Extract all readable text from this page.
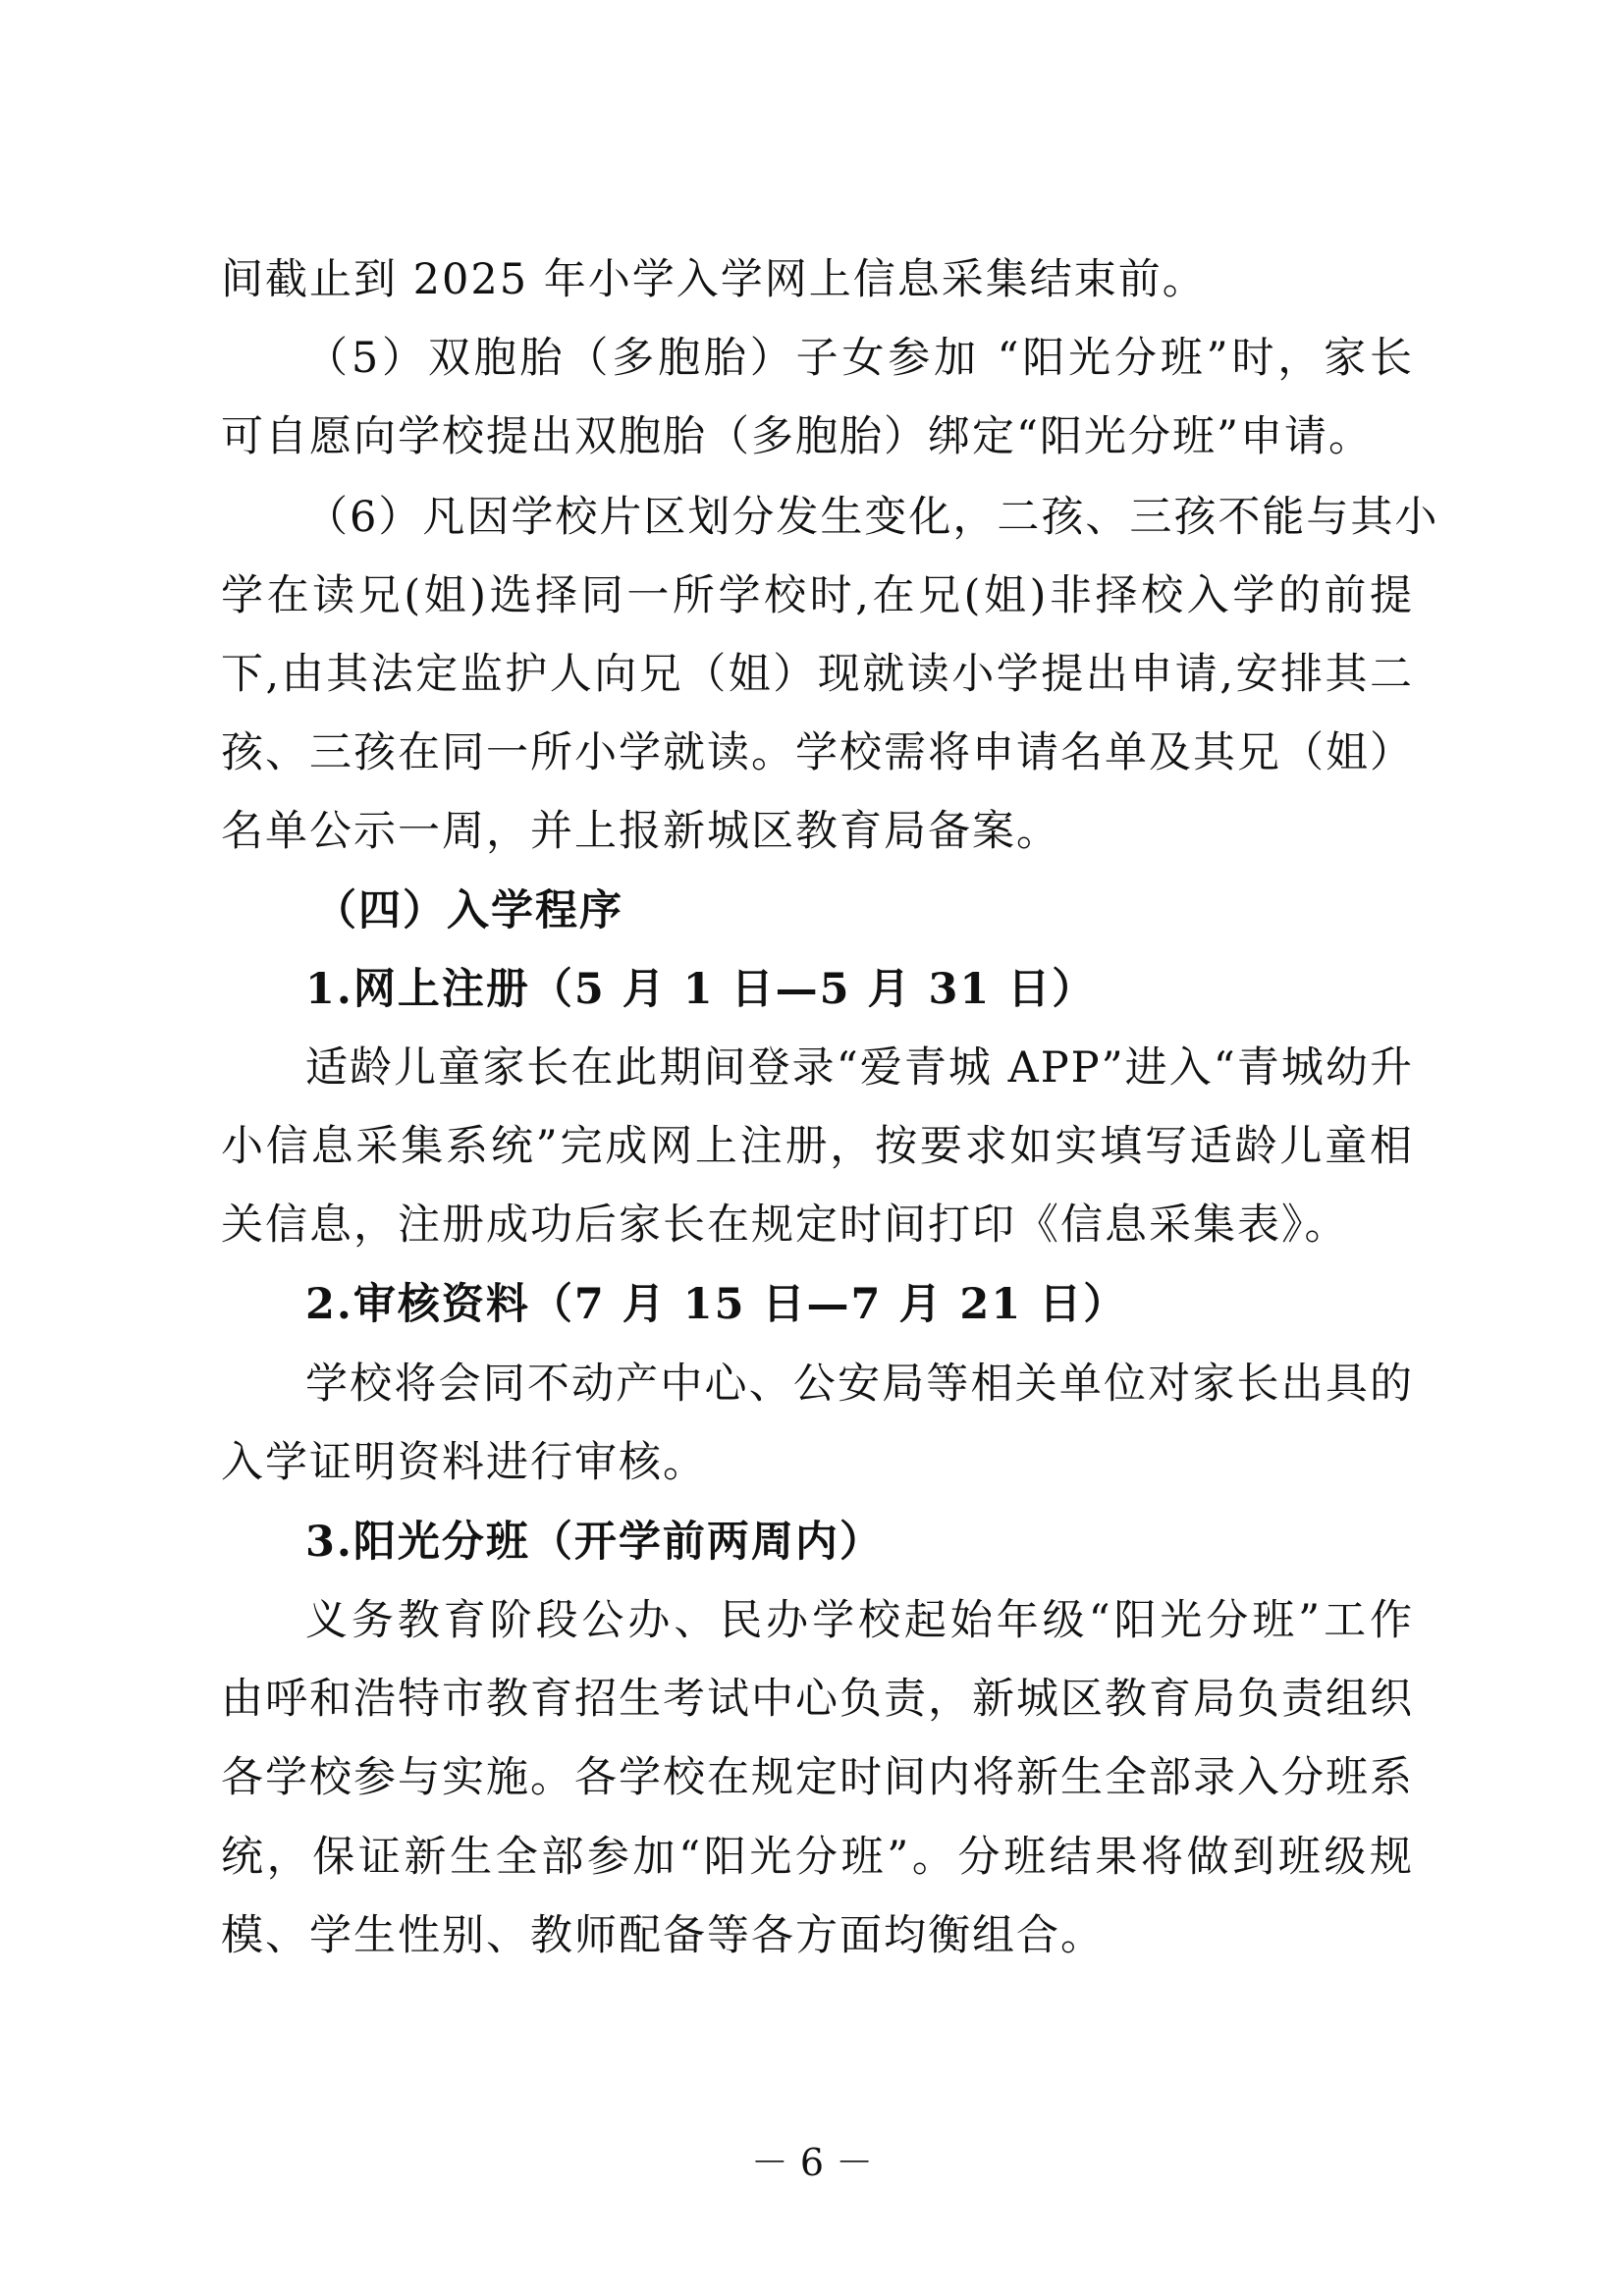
间截止到 2025 年小学入学网上信息采集结束前。
（5）双胞胎（多胞胎）子女参加 “阳光分班”时，家长
可自愿向学校提出双胞胎（多胞胎）绑定“阳光分班”申请。
（6）凡因学校片区划分发生变化，二孩、三孩不能与其小
学在读兄(姐)选择同一所学校时,在兄(姐)非择校入学的前提
下,由其法定监护人向兄（姐）现就读小学提出申请,安排其二
孩、三孩在同一所小学就读。学校需将申请名单及其兄（姐）
名单公示一周，并上报新城区教育局备案。
（四）入学程序
1.网上注册（5 月 1 日—5 月 31 日）
适龄儿童家长在此期间登录“爱青城 APP”进入“青城幼升
小信息采集系统”完成网上注册，按要求如实填写适龄儿童相
关信息，注册成功后家长在规定时间打印《信息采集表》。
2.审核资料（7 月 15 日—7 月 21 日）
学校将会同不动产中心、公安局等相关单位对家长出具的
入学证明资料进行审核。
3.阳光分班（开学前两周内）
义务教育阶段公办、民办学校起始年级“阳光分班”工作
由呼和浩特市教育招生考试中心负责，新城区教育局负责组织
各学校参与实施。各学校在规定时间内将新生全部录入分班系
统，保证新生全部参加“阳光分班”。分班结果将做到班级规
模、学生性别、教师配备等各方面均衡组合。
－ 6 －
